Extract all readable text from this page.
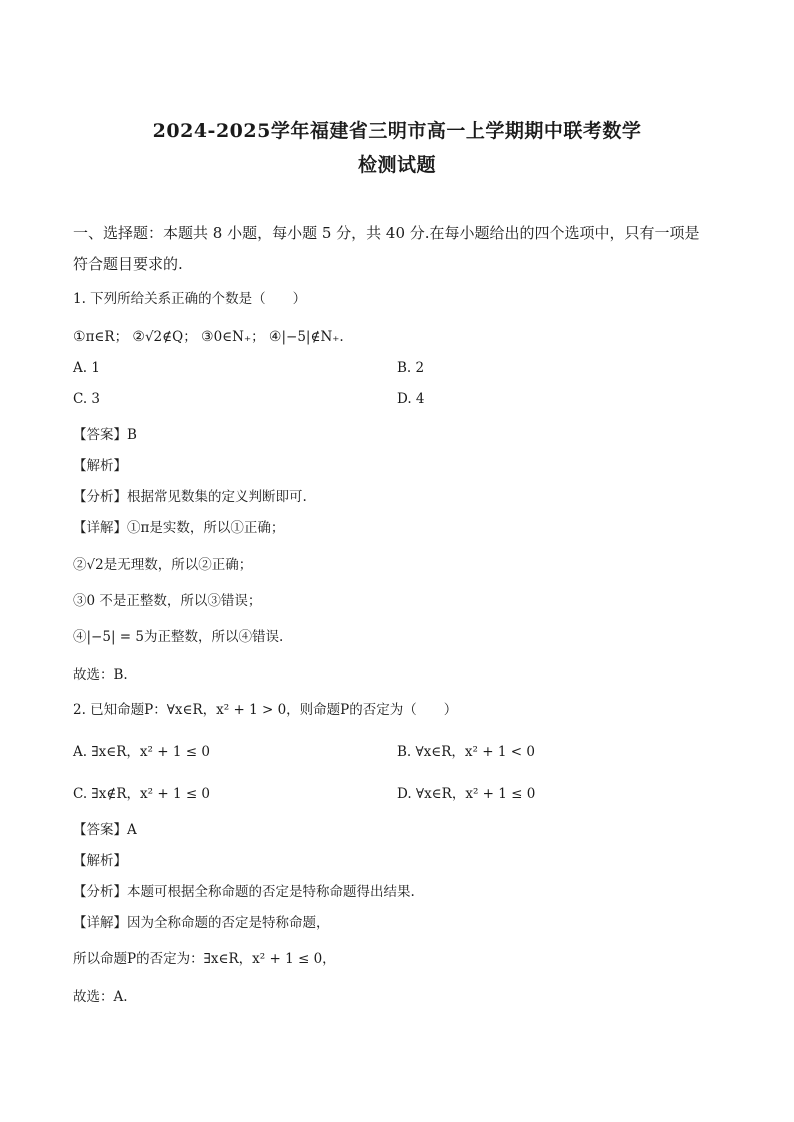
2024-2025学年福建省三明市高一上学期期中联考数学
检测试题
一、选择题：本题共 8 小题，每小题 5 分，共 40 分.在每小题给出的四个选项中，只有一项是
符合题目要求的.
1. 下列所给关系正确的个数是（　　）
①π∈R； ②√2∉Q； ③0∈N₊； ④|−5|∉N₊.
A. 1	B. 2
C. 3	D. 4
【答案】B
【解析】
【分析】根据常见数集的定义判断即可.
【详解】①π是实数，所以①正确；
②√2是无理数，所以②正确；
③0 不是正整数，所以③错误；
④|−5| = 5为正整数，所以④错误.
故选：B.
2. 已知命题P：∀x∈R，x² + 1 > 0，则命题P的否定为（　　）
A. ∃x∈R，x² + 1 ≤ 0	B. ∀x∈R，x² + 1 < 0
C. ∃x∉R，x² + 1 ≤ 0	D. ∀x∈R，x² + 1 ≤ 0
【答案】A
【解析】
【分析】本题可根据全称命题的否定是特称命题得出结果.
【详解】因为全称命题的否定是特称命题，
所以命题P的否定为：∃x∈R，x² + 1 ≤ 0，
故选：A.
